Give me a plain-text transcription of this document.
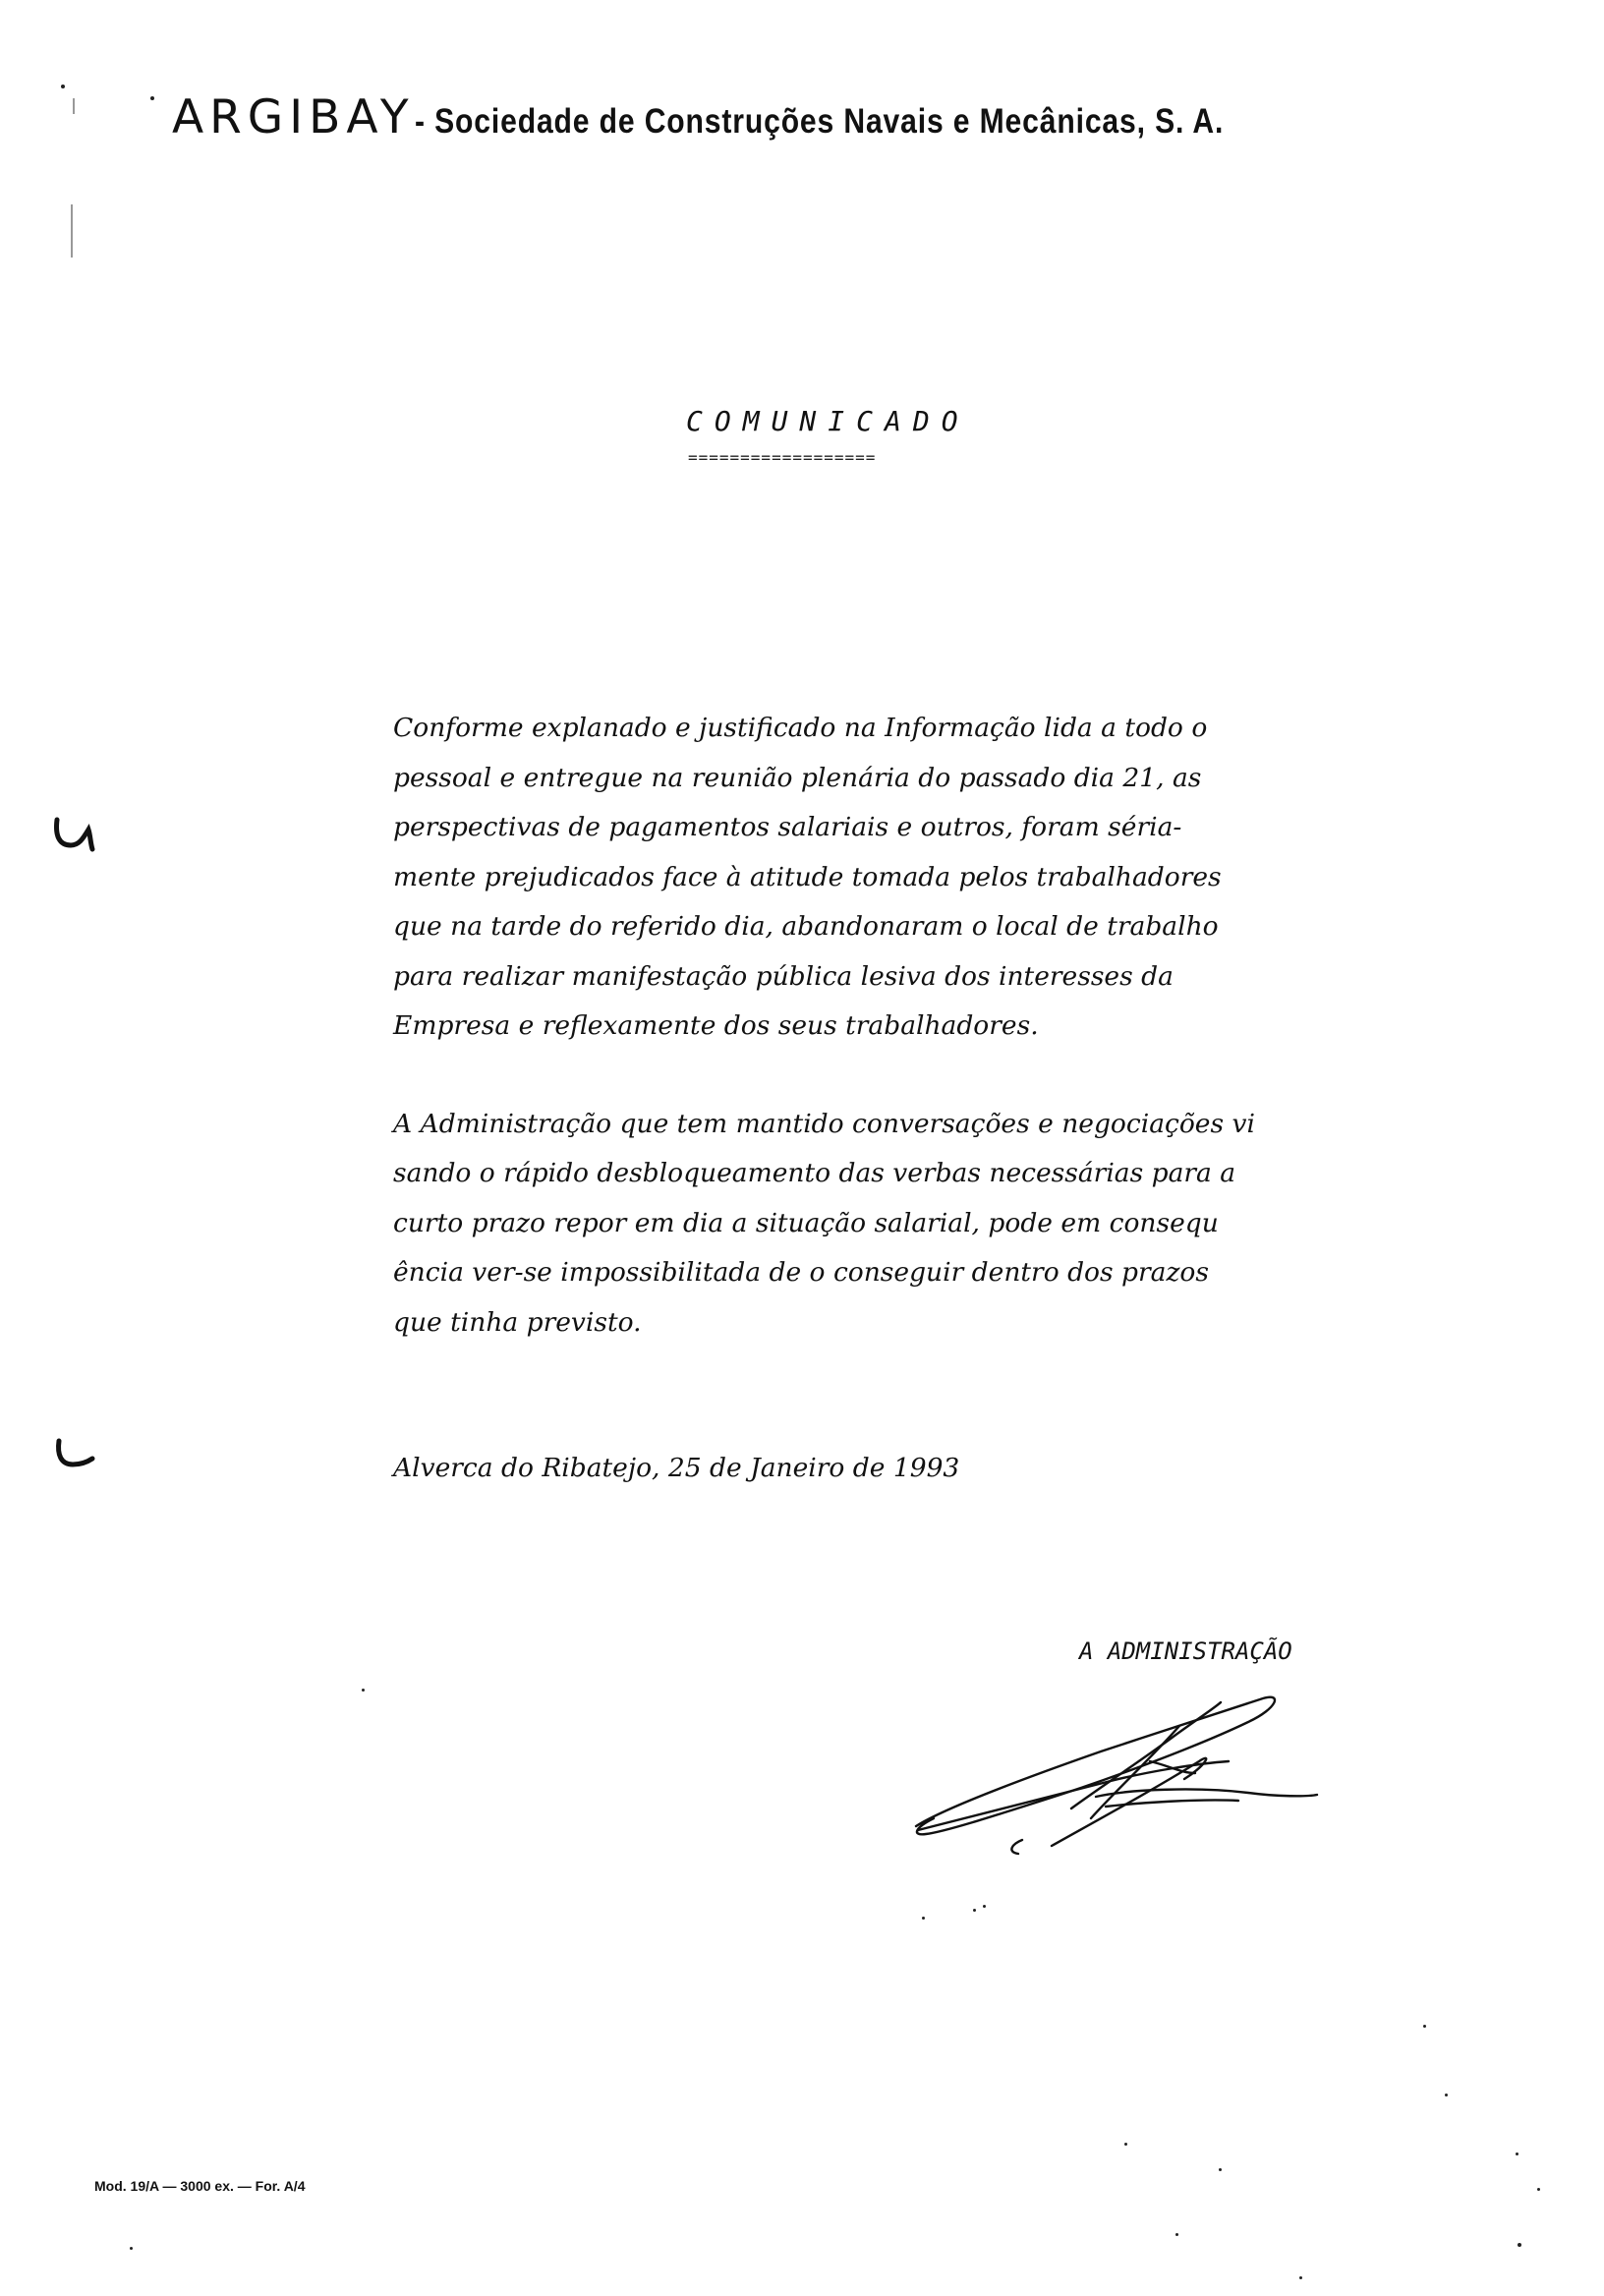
ARGIBAY- Sociedade de Construções Navais e Mecânicas, S. A.
COMUNICADO
==================

Conforme explanado e justificado na Informação lida a todo o

pessoal e entregue na reunião plenária do passado dia 21, as

perspectivas de pagamentos salariais e outros, foram séria-

mente prejudicados face à atitude tomada pelos trabalhadores

que na tarde do referido dia, abandonaram o local de trabalho

para realizar manifestação pública lesiva dos interesses da

Empresa e reflexamente dos seus trabalhadores.

A Administração que tem mantido conversações e negociações vi

sando o rápido desbloqueamento das verbas necessárias para a

curto prazo repor em dia a situação salarial, pode em consequ

ência ver-se impossibilitada de o conseguir dentro dos prazos

que tinha previsto.

Alverca do Ribatejo, 25 de Janeiro de 1993
A ADMINISTRAÇÃO
Mod. 19/A — 3000 ex. — For. A/4
